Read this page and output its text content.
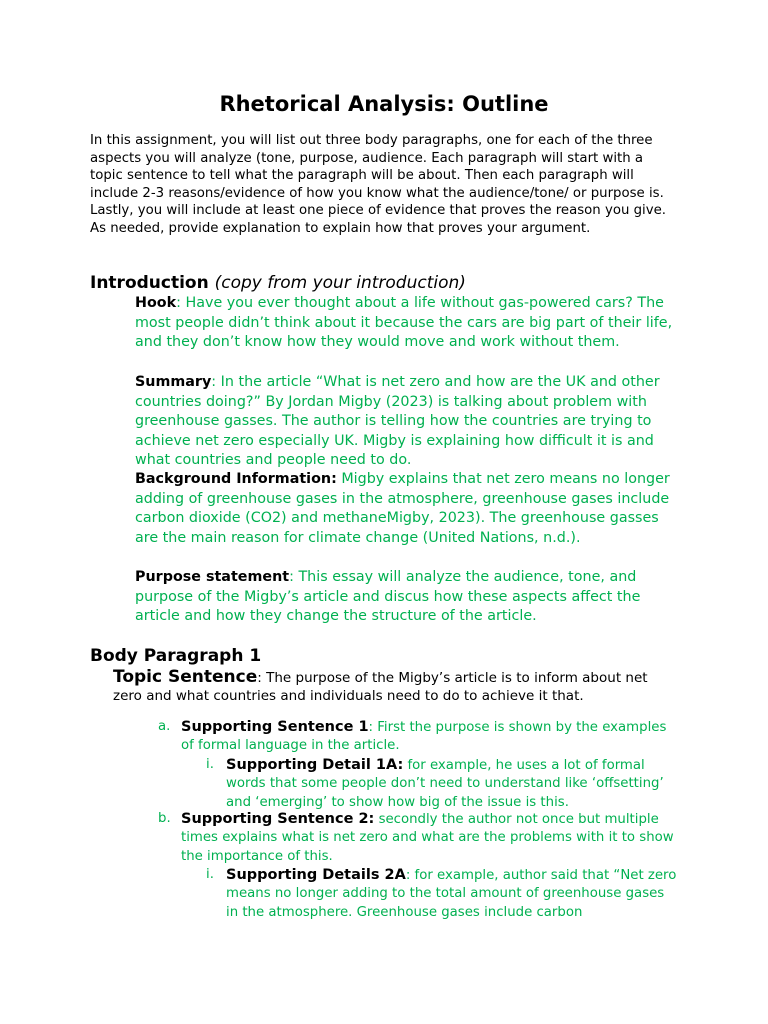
Rhetorical Analysis: Outline
In this assignment, you will list out three body paragraphs, one for each of the three aspects you will analyze (tone, purpose, audience. Each paragraph will start with a topic sentence to tell what the paragraph will be about. Then each paragraph will include 2-3 reasons/evidence of how you know what the audience/tone/ or purpose is. Lastly, you will include at least one piece of evidence that proves the reason you give. As needed, provide explanation to explain how that proves your argument.
Introduction (copy from your introduction)
Hook: Have you ever thought about a life without gas-powered cars? The most people didn’t think about it because the cars are big part of their life, and they don’t know how they would move and work without them.
Summary: In the article “What is net zero and how are the UK and other countries doing?” By Jordan Migby (2023) is talking about problem with greenhouse gasses. The author is telling how the countries are trying to achieve net zero especially UK. Migby is explaining how difficult it is and what countries and people need to do.
Background Information: Migby explains that net zero means no longer adding of greenhouse gases in the atmosphere, greenhouse gases include carbon dioxide (CO2) and methaneMigby, 2023). The greenhouse gasses are the main reason for climate change (United Nations, n.d.).
Purpose statement: This essay will analyze the audience, tone, and purpose of the Migby’s article and discus how these aspects affect the article and how they change the structure of the article.
Body Paragraph 1
Topic Sentence: The purpose of the Migby’s article is to inform about net zero and what countries and individuals need to do to achieve it that.
a. Supporting Sentence 1: First the purpose is shown by the examples of formal language in the article.
i. Supporting Detail 1A: for example, he uses a lot of formal words that some people don’t need to understand like ‘offsetting’ and ‘emerging’ to show how big of the issue is this.
b. Supporting Sentence 2: secondly the author not once but multiple times explains what is net zero and what are the problems with it to show the importance of this.
i. Supporting Details 2A: for example, author said that “Net zero means no longer adding to the total amount of greenhouse gases in the atmosphere. Greenhouse gases include carbon
